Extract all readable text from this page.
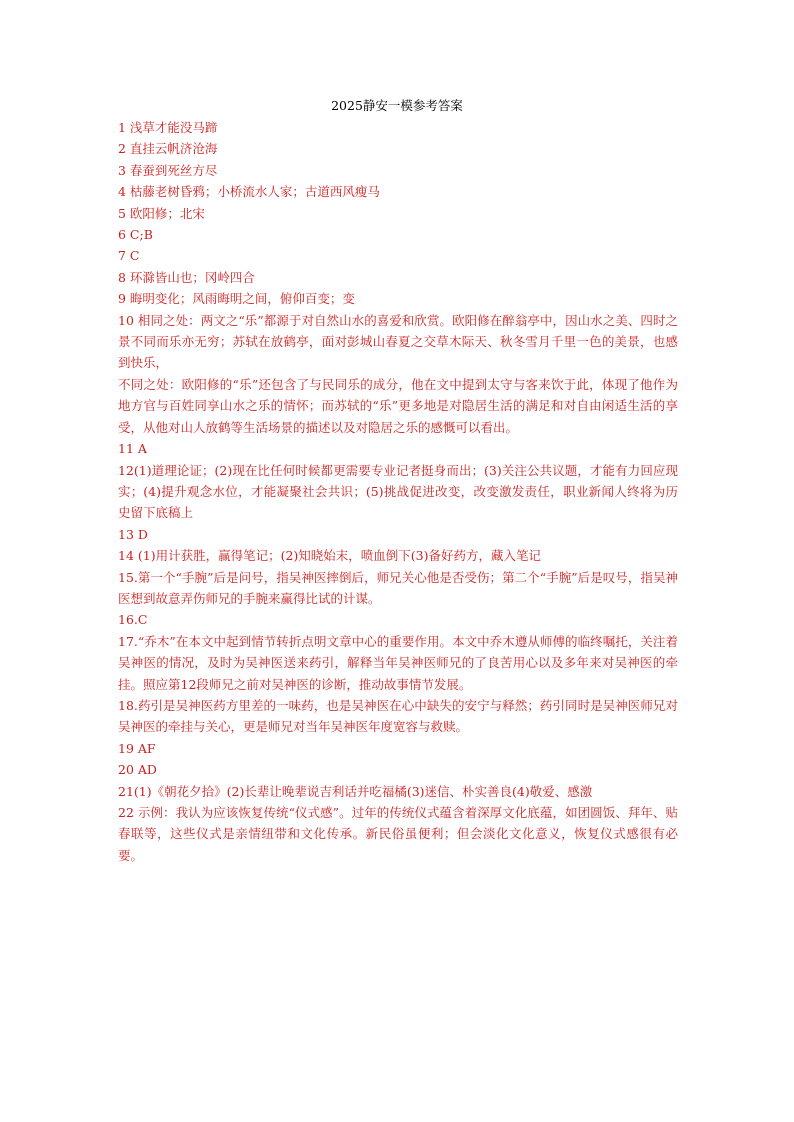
2025静安一模参考答案

1 浅草才能没马蹄

2 直挂云帆济沧海

3 春蚕到死丝方尽

4 枯藤老树昏鸦；小桥流水人家；古道西风瘦马

5 欧阳修；北宋

6 C;B

7 C

8 环滁皆山也；冈岭四合

9 晦明变化；风雨晦明之间，俯仰百变；变

10 相同之处：两文之“乐”都源于对自然山水的喜爱和欣赏。欧阳修在醉翁亭中，因山水之美、四时之景不同而乐亦无穷；苏轼在放鹤亭，面对彭城山春夏之交草木际天、秋冬雪月千里一色的美景，也感到快乐，

不同之处：欧阳修的“乐”还包含了与民同乐的成分，他在文中提到太守与客来饮于此，体现了他作为地方官与百姓同享山水之乐的情怀；而苏轼的“乐”更多地是对隐居生活的满足和对自由闲适生活的享受，从他对山人放鹤等生活场景的描述以及对隐居之乐的感慨可以看出。

11 A

12(1)道理论证；(2)现在比任何时候都更需要专业记者挺身而出；(3)关注公共议题，才能有力回应现实；(4)提升观念水位，才能凝聚社会共识；(5)挑战促进改变，改变激发责任，职业新闻人终将为历史留下底稿上

13 D

14 (1)用计获胜，赢得笔记；(2)知晓始末，喷血倒下(3)备好药方，藏入笔记

15.第一个“手腕”后是问号，指吴神医摔倒后，师兄关心他是否受伤；第二个“手腕”后是叹号，指吴神医想到故意弄伤师兄的手腕来赢得比试的计谋。

16.C

17.“乔木”在本文中起到情节转折点明文章中心的重要作用。本文中乔木遵从师傅的临终嘱托，关注着吴神医的情况，及时为吴神医送来药引，解释当年吴神医师兄的了良苦用心以及多年来对吴神医的牵挂。照应第12段师兄之前对吴神医的诊断，推动故事情节发展。

18.药引是吴神医药方里差的一味药，也是吴神医在心中缺失的安宁与释然；药引同时是吴神医师兄对吴神医的牵挂与关心，更是师兄对当年吴神医年度宽容与救赎。

19 AF

20 AD

21(1)《朝花夕拾》(2)长辈让晚辈说吉利话并吃福橘(3)迷信、朴实善良(4)敬爱、感激

22 示例：我认为应该恢复传统“仪式感”。过年的传统仪式蕴含着深厚文化底蕴，如团圆饭、拜年、贴春联等，这些仪式是亲情纽带和文化传承。新民俗虽便利；但会淡化文化意义，恢复仪式感很有必要。
